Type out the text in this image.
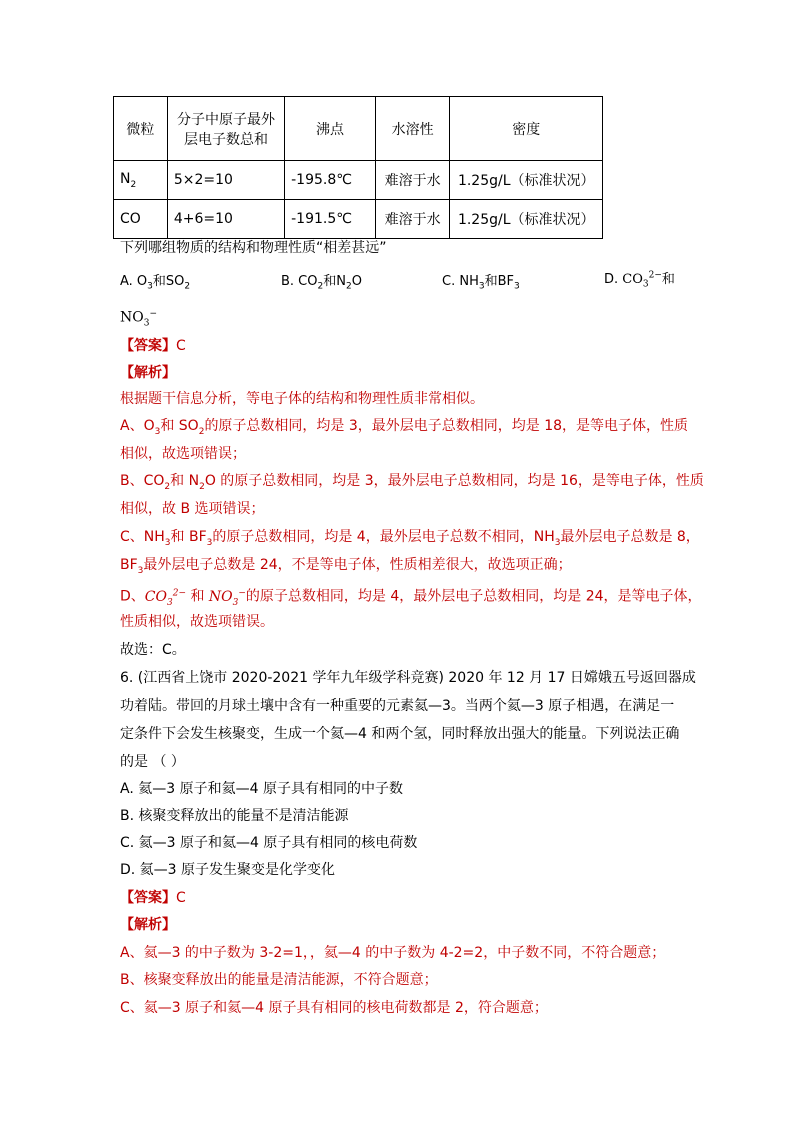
微粒	分子中原子最外
层电子数总和	沸点	水溶性	密度
$N_2$	5×2=10	-195.8℃	难溶于水	1.25g/L（标准状况）
CO	4+6=10	-191.5℃	难溶于水	1.25g/L（标准状况）
下列哪组物质的结构和物理性质“相差甚远”
A. $O_3$和$SO_2$	B. $CO_2$和$N_2O$	C. $NH_3$和$BF_3$	D. $CO_3^{2-}$和
$NO_3^-$
【答案】C
【解析】
根据题干信息分析，等电子体的结构和物理性质非常相似。
A、$O_3$和 $SO_2$的原子总数相同，均是 3，最外层电子总数相同，均是 18，是等电子体，性质
相似，故选项错误；
B、$CO_2$和 $N_2O$ 的原子总数相同，均是 3，最外层电子总数相同，均是 16，是等电子体，性质
相似，故 B 选项错误；
C、$NH_3$和 $BF_3$的原子总数相同，均是 4，最外层电子总数不相同，$NH_3$最外层电子总数是 8，
$BF_3$最外层电子总数是 24，不是等电子体，性质相差很大，故选项正确；
D、$CO_3^{2-}$ 和 $NO_3^-$的原子总数相同，均是 4，最外层电子总数相同，均是 24，是等电子体，
性质相似，故选项错误。
故选：C。
6. (江西省上饶市 2020-2021 学年九年级学科竞赛) 2020 年 12 月 17 日嫦娥五号返回器成
功着陆。带回的月球土壤中含有一种重要的元素氦—3。当两个氦—3 原子相遇，在满足一
定条件下会发生核聚变，生成一个氦—4 和两个氢，同时释放出强大的能量。下列说法正确
的是 （ ）
A. 氦—3 原子和氦—4 原子具有相同的中子数
B. 核聚变释放出的能量不是清洁能源
C. 氦—3 原子和氦—4 原子具有相同的核电荷数
D. 氦—3 原子发生聚变是化学变化
【答案】C
【解析】
A、氦—3 的中子数为 3-2=1，，氦—4 的中子数为 4-2=2，中子数不同，不符合题意；
B、核聚变释放出的能量是清洁能源，不符合题意；
C、氦—3 原子和氦—4 原子具有相同的核电荷数都是 2，符合题意；
